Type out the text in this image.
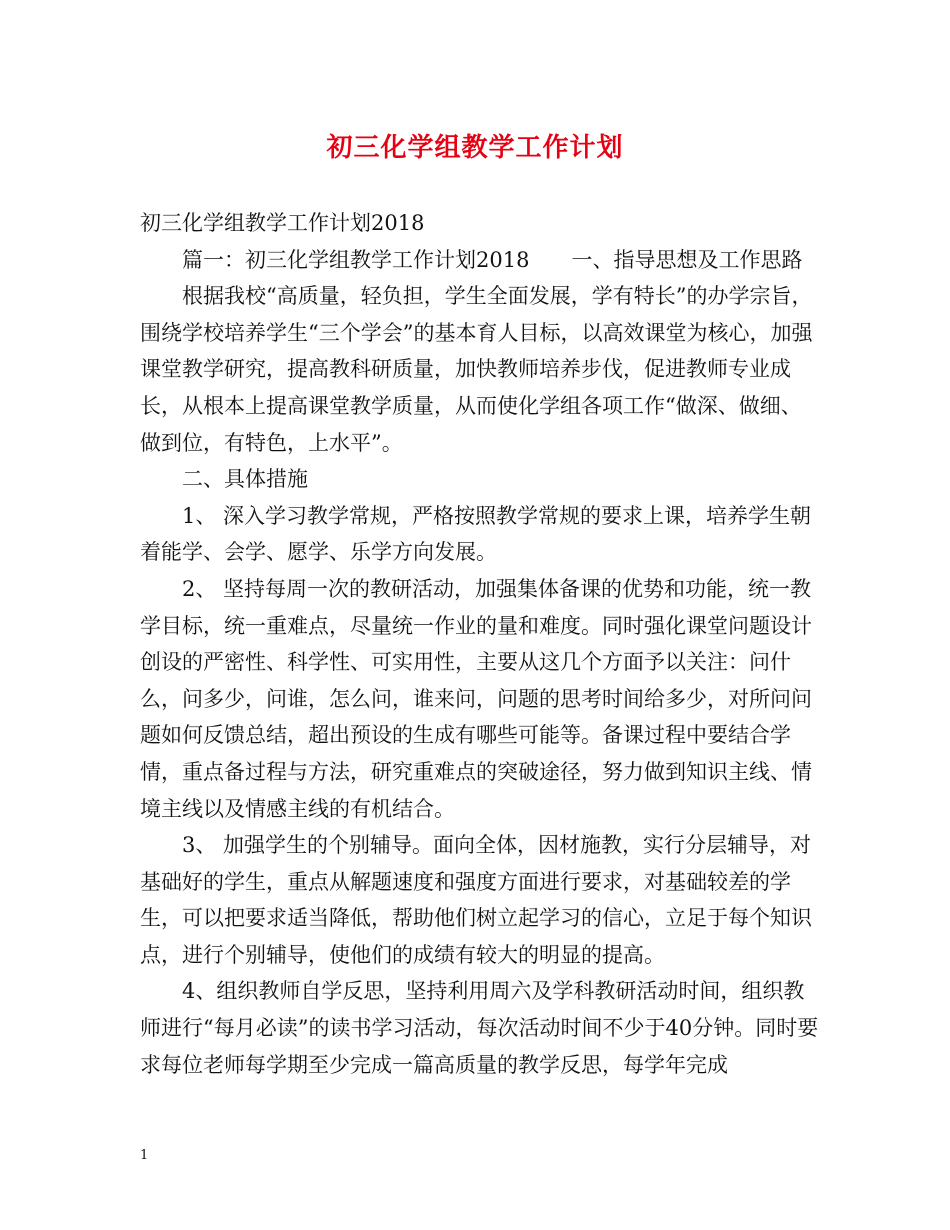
初三化学组教学工作计划

初三化学组教学工作计划2018

篇一：初三化学组教学工作计划2018　　一、指导思想及工作思路

根据我校“高质量，轻负担，学生全面发展，学有特长”的办学宗旨，围绕学校培养学生“三个学会”的基本育人目标，以高效课堂为核心，加强课堂教学研究，提高教科研质量，加快教师培养步伐，促进教师专业成长，从根本上提高课堂教学质量，从而使化学组各项工作“做深、做细、做到位，有特色，上水平”。

二、具体措施

1、 深入学习教学常规，严格按照教学常规的要求上课，培养学生朝着能学、会学、愿学、乐学方向发展。

2、 坚持每周一次的教研活动，加强集体备课的优势和功能，统一教学目标，统一重难点，尽量统一作业的量和难度。同时强化课堂问题设计创设的严密性、科学性、可实用性，主要从这几个方面予以关注：问什么，问多少，问谁，怎么问，谁来问，问题的思考时间给多少，对所问问题如何反馈总结，超出预设的生成有哪些可能等。备课过程中要结合学情，重点备过程与方法，研究重难点的突破途径，努力做到知识主线、情境主线以及情感主线的有机结合。

3、 加强学生的个别辅导。面向全体，因材施教，实行分层辅导，对基础好的学生，重点从解题速度和强度方面进行要求，对基础较差的学生，可以把要求适当降低，帮助他们树立起学习的信心，立足于每个知识点，进行个别辅导，使他们的成绩有较大的明显的提高。

4、组织教师自学反思，坚持利用周六及学科教研活动时间，组织教师进行“每月必读”的读书学习活动，每次活动时间不少于40分钟。同时要求每位老师每学期至少完成一篇高质量的教学反思，每学年完成

1
